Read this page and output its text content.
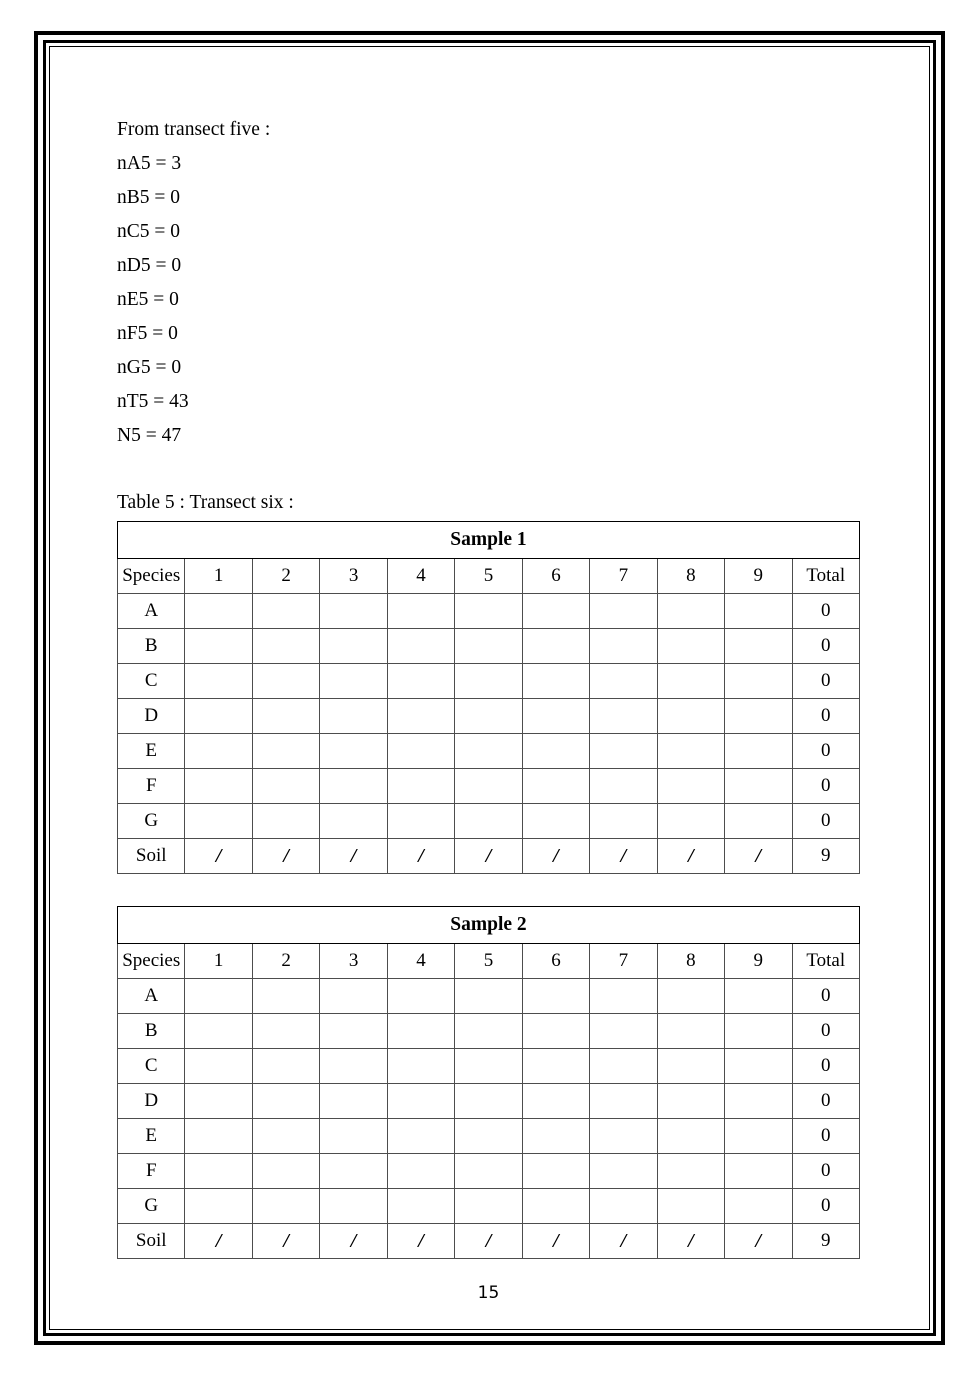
From transect five :
nA5 = 3
nB5 = 0
nC5 = 0
nD5 = 0
nE5 = 0
nF5 = 0
nG5 = 0
nT5 = 43
N5 = 47
Table 5 : Transect six :
Sample 1										
Species	1	2	3	4	5	6	7	8	9	Total
A										0
B										0
C										0
D										0
E										0
F										0
G										0
Soil	/	/	/	/	/	/	/	/	/	9
Sample 2										
Species	1	2	3	4	5	6	7	8	9	Total
A										0
B										0
C										0
D										0
E										0
F										0
G										0
Soil	/	/	/	/	/	/	/	/	/	9
15
